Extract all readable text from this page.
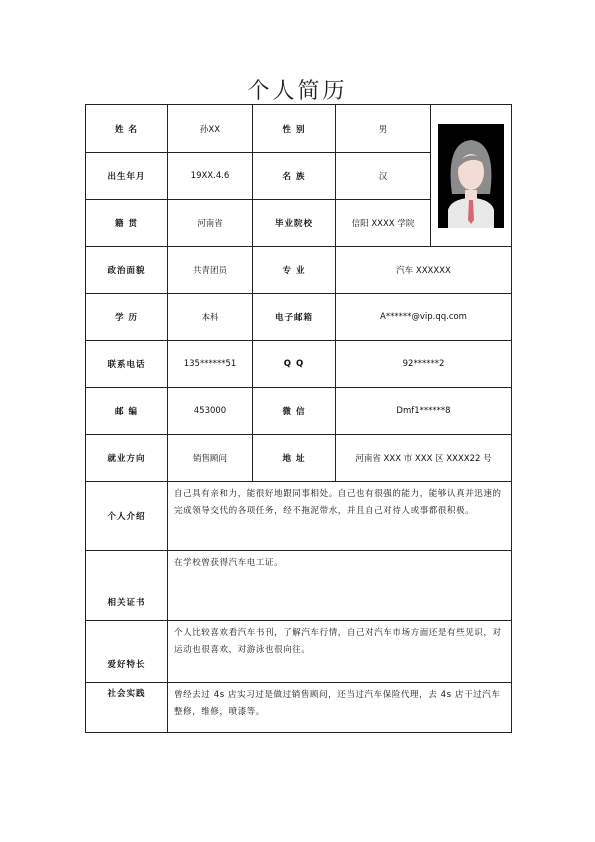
个人简历
姓 名	孙XX	性 别	男	

出生年月	19XX.4.6	名 族	汉	
籍 贯	河南省	毕业院校	信阳 XXXX 学院	
政治面貌	共青团员	专 业	汽车 XXXXXX	
学 历	本科	电子邮箱	A******@vip.qq.com	
联系电话	135******51	Q Q	92******2	
邮 编	453000	微 信	Dmf1******8	
就业方向	销售顾问	地 址	河南省 XXX 市 XXX 区 XXXX22 号	
个人介绍	自己具有亲和力，能很好地跟同事相处。自己也有很强的能力，能够认真并迅速的完成领导交代的各项任务，经不拖泥带水，并且自己对待人或事都很积极。			
相关证书	在学校曾获得汽车电工证。			
爱好特长	个人比较喜欢看汽车书刊，了解汽车行情，自己对汽车市场方面还是有些见识，对运动也很喜欢，对游泳也很向往。			
社会实践	曾经去过 4s 店实习过是做过销售顾问，还当过汽车保险代理，去 4s 店干过汽车整修，维修，喷漆等。			
